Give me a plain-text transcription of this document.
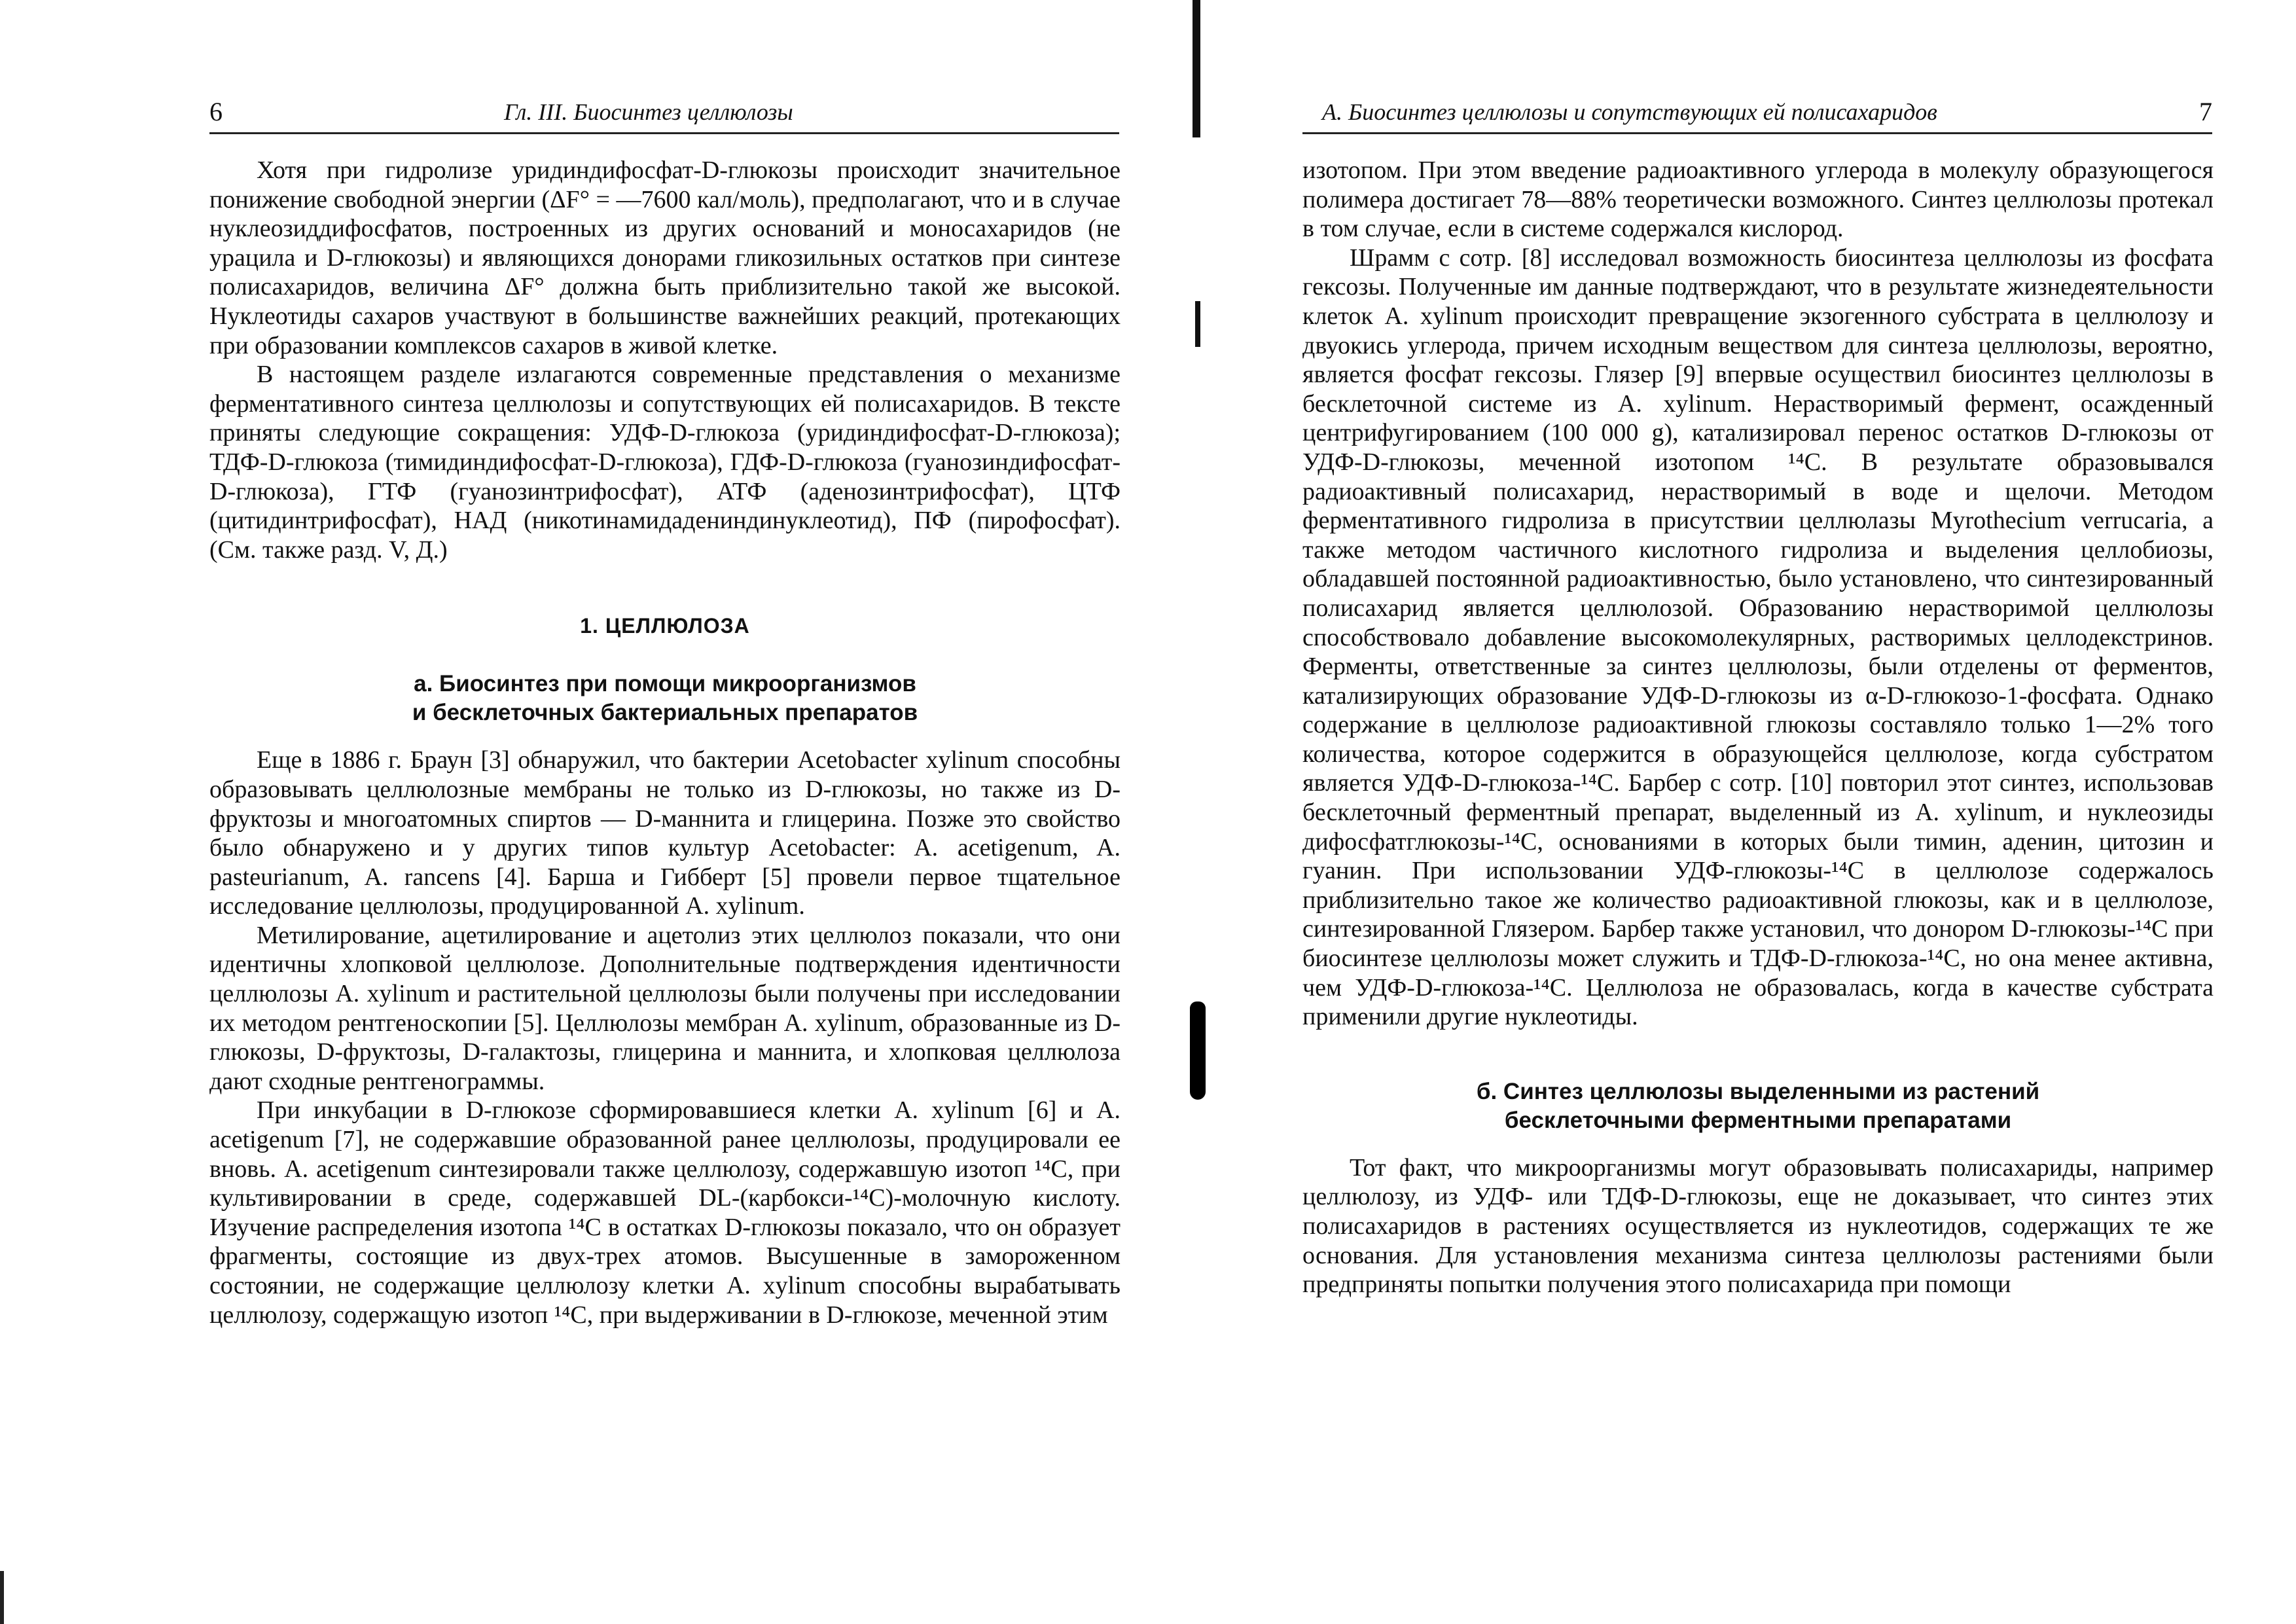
6	Гл. III. Биосинтез целлюлозы

Хотя при гидролизе уридиндифосфат-D-глюкозы происходит значительное понижение свободной энергии (ΔF° = —7600 кал/моль), предполагают, что и в случае нуклеозиддифосфатов, построенных из других оснований и моносахаридов (не урацила и D-глюкозы) и являющихся донорами гликозильных остатков при синтезе полисахаридов, величина ΔF° должна быть приблизительно такой же высокой. Нуклеотиды сахаров участвуют в большинстве важнейших реакций, протекающих при образовании комплексов сахаров в живой клетке.

В настоящем разделе излагаются современные представления о механизме ферментативного синтеза целлюлозы и сопутствующих ей полисахаридов. В тексте приняты следующие сокращения: УДФ-D-глюкоза (уридиндифосфат-D-глюкоза); ТДФ-D-глюкоза (тимидиндифосфат-D-глюкоза), ГДФ-D-глюкоза (гуанозиндифосфат-D-глюкоза), ГТФ (гуанозинтрифосфат), АТФ (аденозинтрифосфат), ЦТФ (цитидинтрифосфат), НАД (никотинамидадениндинуклеотид), ПФ (пирофосфат). (См. также разд. V, Д.)

1. ЦЕЛЛЮЛОЗА
а. Биосинтез при помощи микроорганизмов
и бесклеточных бактериальных препаратов

Еще в 1886 г. Браун [3] обнаружил, что бактерии Acetobacter xylinum способны образовывать целлюлозные мембраны не только из D-глюкозы, но также из D-фруктозы и многоатомных спиртов — D-маннита и глицерина. Позже это свойство было обнаружено и у других типов культур Acetobacter: A. acetigenum, A. pasteurianum, A. rancens [4]. Барша и Гибберт [5] провели первое тщательное исследование целлюлозы, продуцированной A. xylinum.

Метилирование, ацетилирование и ацетолиз этих целлюлоз показали, что они идентичны хлопковой целлюлозе. Дополнительные подтверждения идентичности целлюлозы A. xylinum и растительной целлюлозы были получены при исследовании их методом рентгеноскопии [5]. Целлюлозы мембран A. xylinum, образованные из D-глюкозы, D-фруктозы, D-галактозы, глицерина и маннита, и хлопковая целлюлоза дают сходные рентгенограммы.

При инкубации в D-глюкозе сформировавшиеся клетки A. xylinum [6] и A. acetigenum [7], не содержавшие образованной ранее целлюлозы, продуцировали ее вновь. A. acetigenum синтезировали также целлюлозу, содержавшую изотоп ¹⁴C, при культивировании в среде, содержавшей DL-(карбокси-¹⁴C)-молочную кислоту. Изучение распределения изотопа ¹⁴C в остатках D-глюкозы показало, что он образует фрагменты, состоящие из двух-трех атомов. Высушенные в замороженном состоянии, не содержащие целлюлозу клетки A. xylinum способны вырабатывать целлюлозу, содержащую изотоп ¹⁴C, при выдерживании в D-глюкозе, меченной этим

А. Биосинтез целлюлозы и сопутствующих ей полисахаридов	7

изотопом. При этом введение радиоактивного углерода в молекулу образующегося полимера достигает 78—88% теоретически возможного. Синтез целлюлозы протекал в том случае, если в системе содержался кислород.

Шрамм с сотр. [8] исследовал возможность биосинтеза целлюлозы из фосфата гексозы. Полученные им данные подтверждают, что в результате жизнедеятельности клеток A. xylinum происходит превращение экзогенного субстрата в целлюлозу и двуокись углерода, причем исходным веществом для синтеза целлюлозы, вероятно, является фосфат гексозы. Глязер [9] впервые осуществил биосинтез целлюлозы в бесклеточной системе из A. xylinum. Нерастворимый фермент, осажденный центрифугированием (100 000 g), катализировал перенос остатков D-глюкозы от УДФ-D-глюкозы, меченной изотопом ¹⁴C. В результате образовывался радиоактивный полисахарид, нерастворимый в воде и щелочи. Методом ферментативного гидролиза в присутствии целлюлазы Myrothecium verrucaria, а также методом частичного кислотного гидролиза и выделения целлобиозы, обладавшей постоянной радиоактивностью, было установлено, что синтезированный полисахарид является целлюлозой. Образованию нерастворимой целлюлозы способствовало добавление высокомолекулярных, растворимых целлодекстринов. Ферменты, ответственные за синтез целлюлозы, были отделены от ферментов, катализирующих образование УДФ-D-глюкозы из α-D-глюкозо-1-фосфата. Однако содержание в целлюлозе радиоактивной глюкозы составляло только 1—2% того количества, которое содержится в образующейся целлюлозе, когда субстратом является УДФ-D-глюкоза-¹⁴C. Барбер с сотр. [10] повторил этот синтез, использовав бесклеточный ферментный препарат, выделенный из A. xylinum, и нуклеозиды дифосфатглюкозы-¹⁴C, основаниями в которых были тимин, аденин, цитозин и гуанин. При использовании УДФ-глюкозы-¹⁴C в целлюлозе содержалось приблизительно такое же количество радиоактивной глюкозы, как и в целлюлозе, синтезированной Глязером. Барбер также установил, что донором D-глюкозы-¹⁴C при биосинтезе целлюлозы может служить и ТДФ-D-глюкоза-¹⁴C, но она менее активна, чем УДФ-D-глюкоза-¹⁴C. Целлюлоза не образовалась, когда в качестве субстрата применили другие нуклеотиды.

б. Синтез целлюлозы выделенными из растений
бесклеточными ферментными препаратами

Тот факт, что микроорганизмы могут образовывать полисахариды, например целлюлозу, из УДФ- или ТДФ-D-глюкозы, еще не доказывает, что синтез этих полисахаридов в растениях осуществляется из нуклеотидов, содержащих те же основания. Для установления механизма синтеза целлюлозы растениями были предприняты попытки получения этого полисахарида при помощи
